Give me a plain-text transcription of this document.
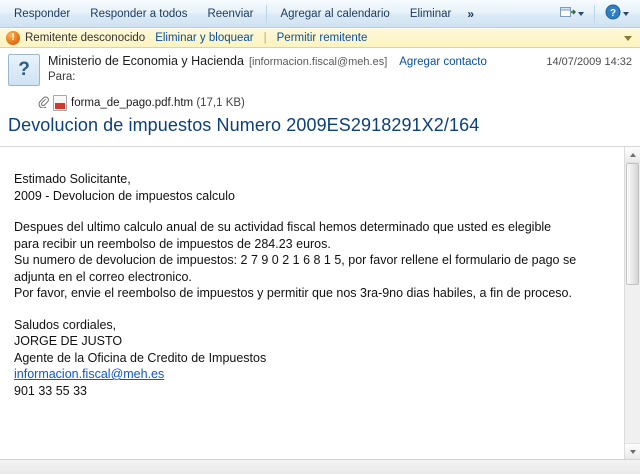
Responder Responder a todos Reenviar Agregar al calendario Eliminar	»	?
! Remitente desconocido Eliminar y bloquear | Permitir remitente
?	Ministerio de Economia y Hacienda [informacion.fiscal@meh.es] Agregar contacto	14/07/2009 14:32
Para:
forma_de_pago.pdf.htm
(17,1 KB)
Devolucion de impuestos Numero 2009ES2918291X2/164

Estimado Solicitante,

2009 - Devolucion de impuestos calculo

Despues del ultimo calculo anual de su actividad fiscal hemos determinado que usted es elegible

para recibir un reembolso de impuestos de 284.23 euros.

Su numero de devolucion de impuestos: 2 7 9 0 2 1 6 8 1 5, por favor rellene el formulario de pago se

adjunta en el correo electronico.

Por favor, envie el reembolso de impuestos y permitir que nos 3ra-9no dias habiles, a fin de proceso.

Saludos cordiales,

JORGE DE JUSTO

Agente de la Oficina de Credito de Impuestos

informacion.fiscal@meh.es

901 33 55 33
